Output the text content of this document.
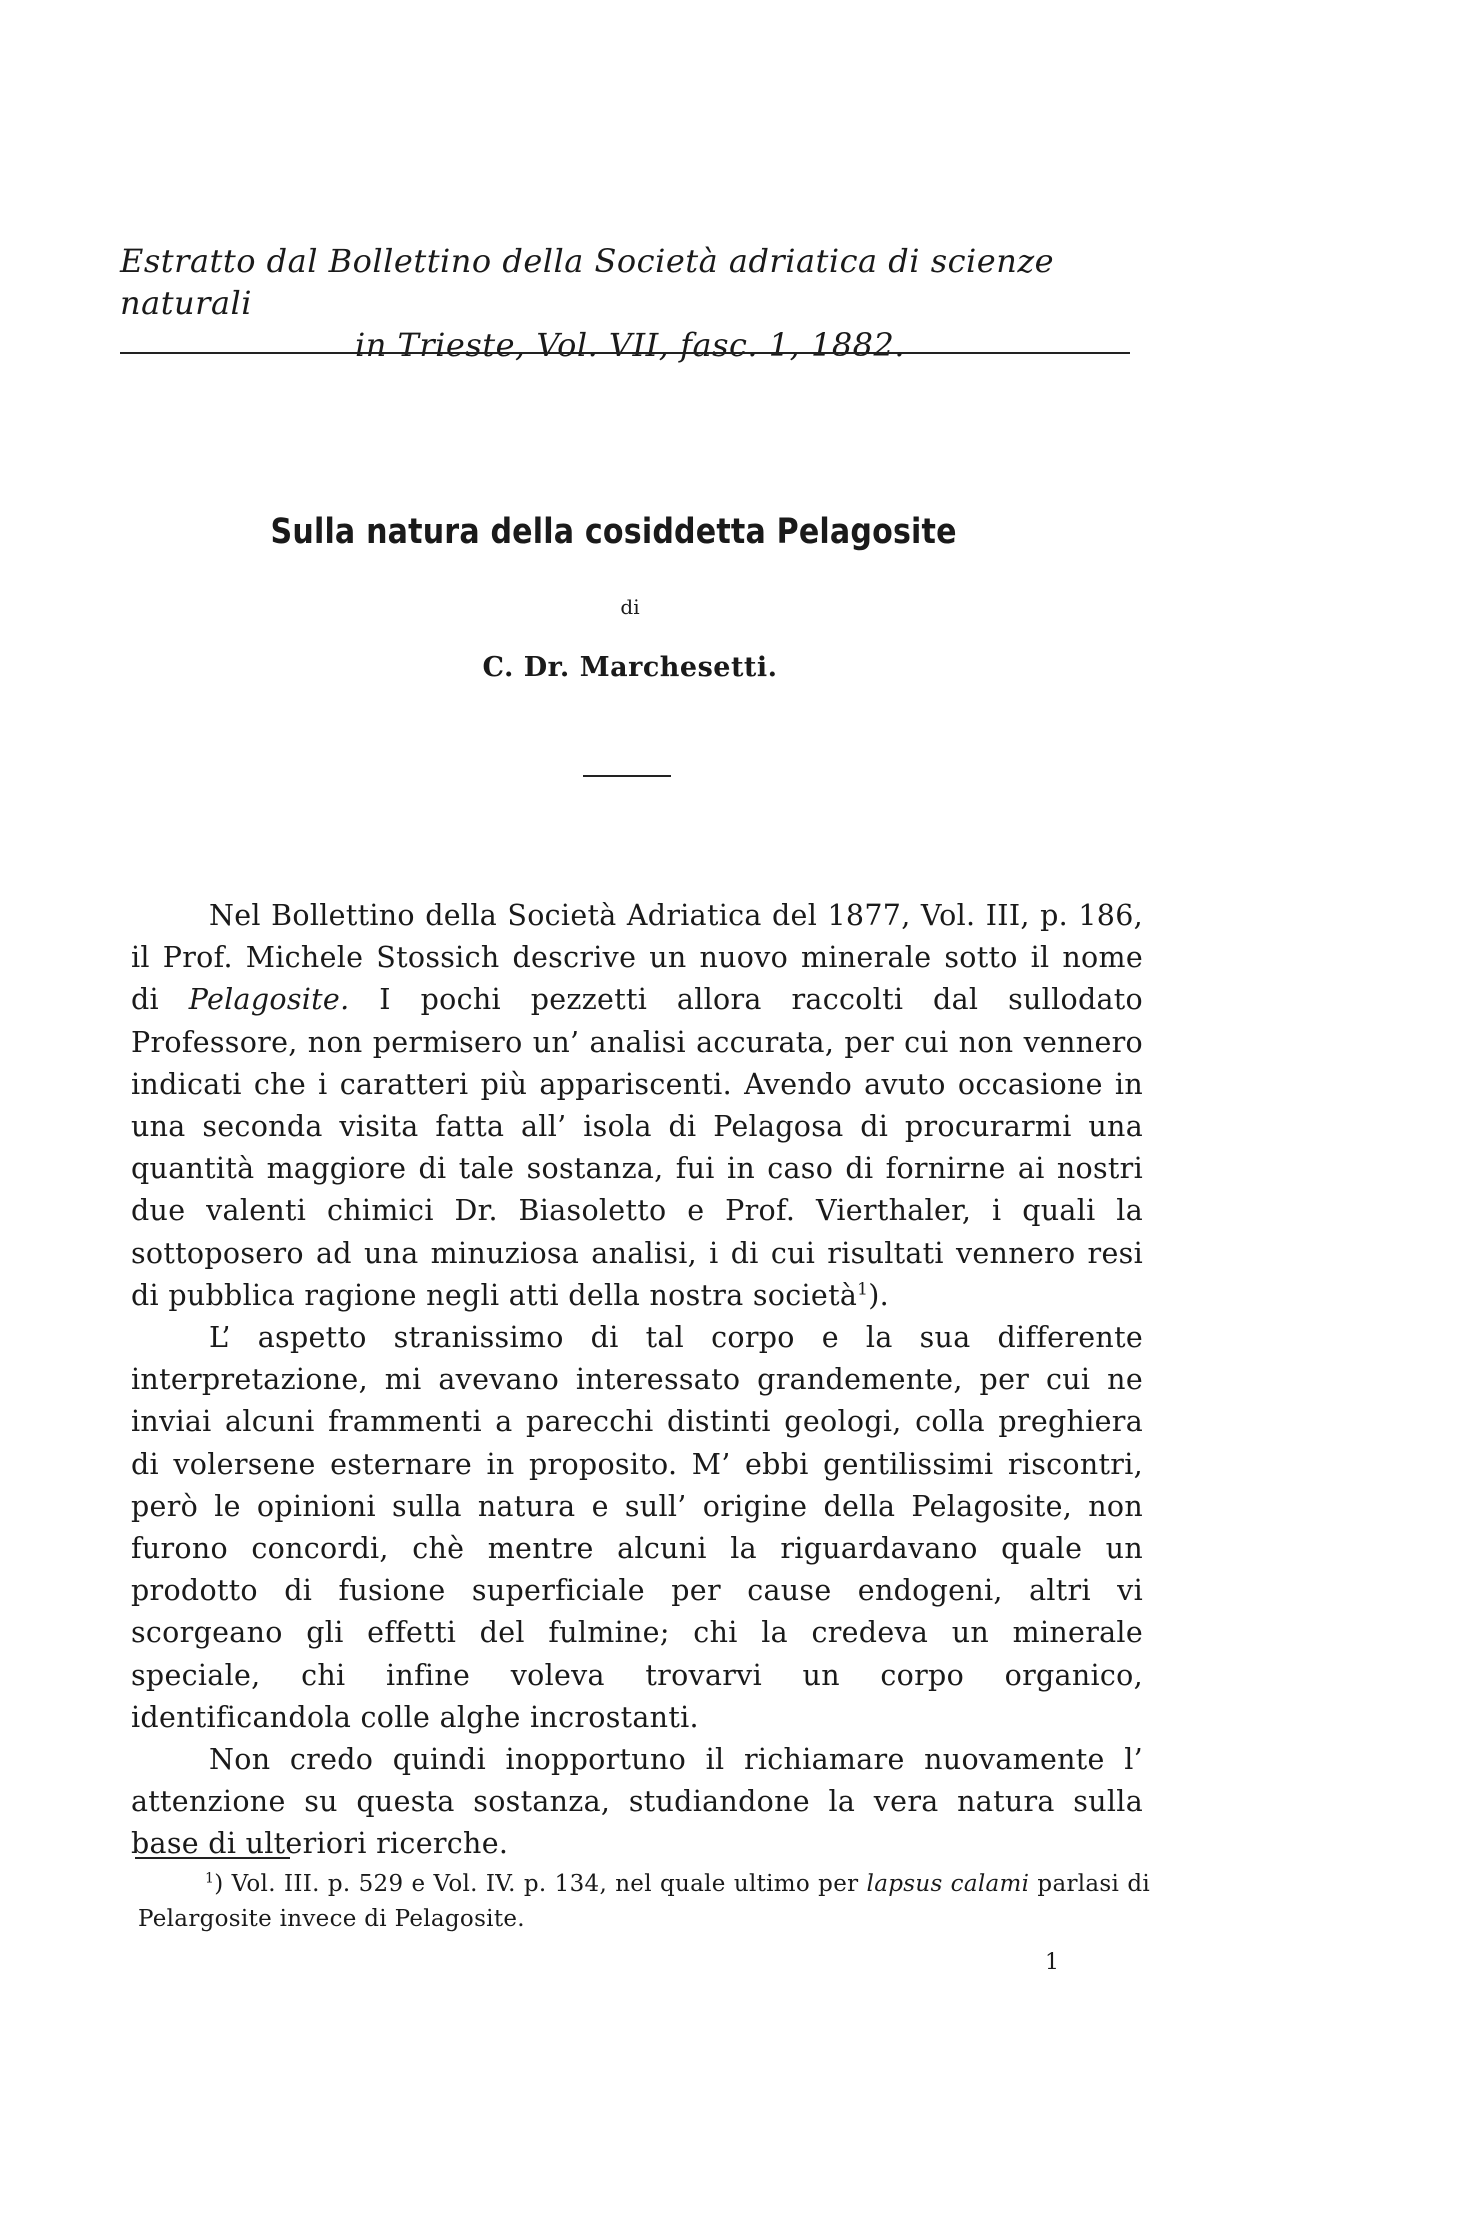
Estratto dal Bollettino della Società adriatica di scienze naturali
in Trieste, Vol. VII, fasc. 1, 1882.
Sulla natura della cosiddetta Pelagosite
di
C. Dr. Marchesetti.

Nel Bollettino della Società Adriatica del 1877, Vol. III, p. 186, il Prof. Michele Stossich descrive un nuovo minerale sotto il nome di Pelagosite. I pochi pezzetti allora raccolti dal sullodato Professore, non permisero un’ analisi accurata, per cui non vennero indicati che i caratteri più appariscenti. Avendo avuto occasione in una seconda visita fatta all’ isola di Pelagosa di procurarmi una quantità maggiore di tale sostanza, fui in caso di fornirne ai nostri due valenti chimici Dr. Biasoletto e Prof. Vierthaler, i quali la sottoposero ad una minuziosa analisi, i di cui risultati vennero resi di pubblica ragione negli atti della nostra società$^1$).

L’ aspetto stranissimo di tal corpo e la sua differente interpretazione, mi avevano interessato grandemente, per cui ne inviai alcuni frammenti a parecchi distinti geologi, colla preghiera di volersene esternare in proposito. M’ ebbi gentilissimi riscontri, però le opinioni sulla natura e sull’ origine della Pelagosite, non furono concordi, chè mentre alcuni la riguardavano quale un prodotto di fusione superficiale per cause endogeni, altri vi scorgeano gli effetti del fulmine; chi la credeva un minerale speciale, chi infine voleva trovarvi un corpo organico, identificandola colle alghe incrostanti.

Non credo quindi inopportuno il richiamare nuovamente l’ attenzione su questa sostanza, studiandone la vera natura sulla base di ulteriori ricerche.

$^1$) Vol. III. p. 529 e Vol. IV. p. 134, nel quale ultimo per lapsus calami parlasi di Pelargosite invece di Pelagosite.
1
